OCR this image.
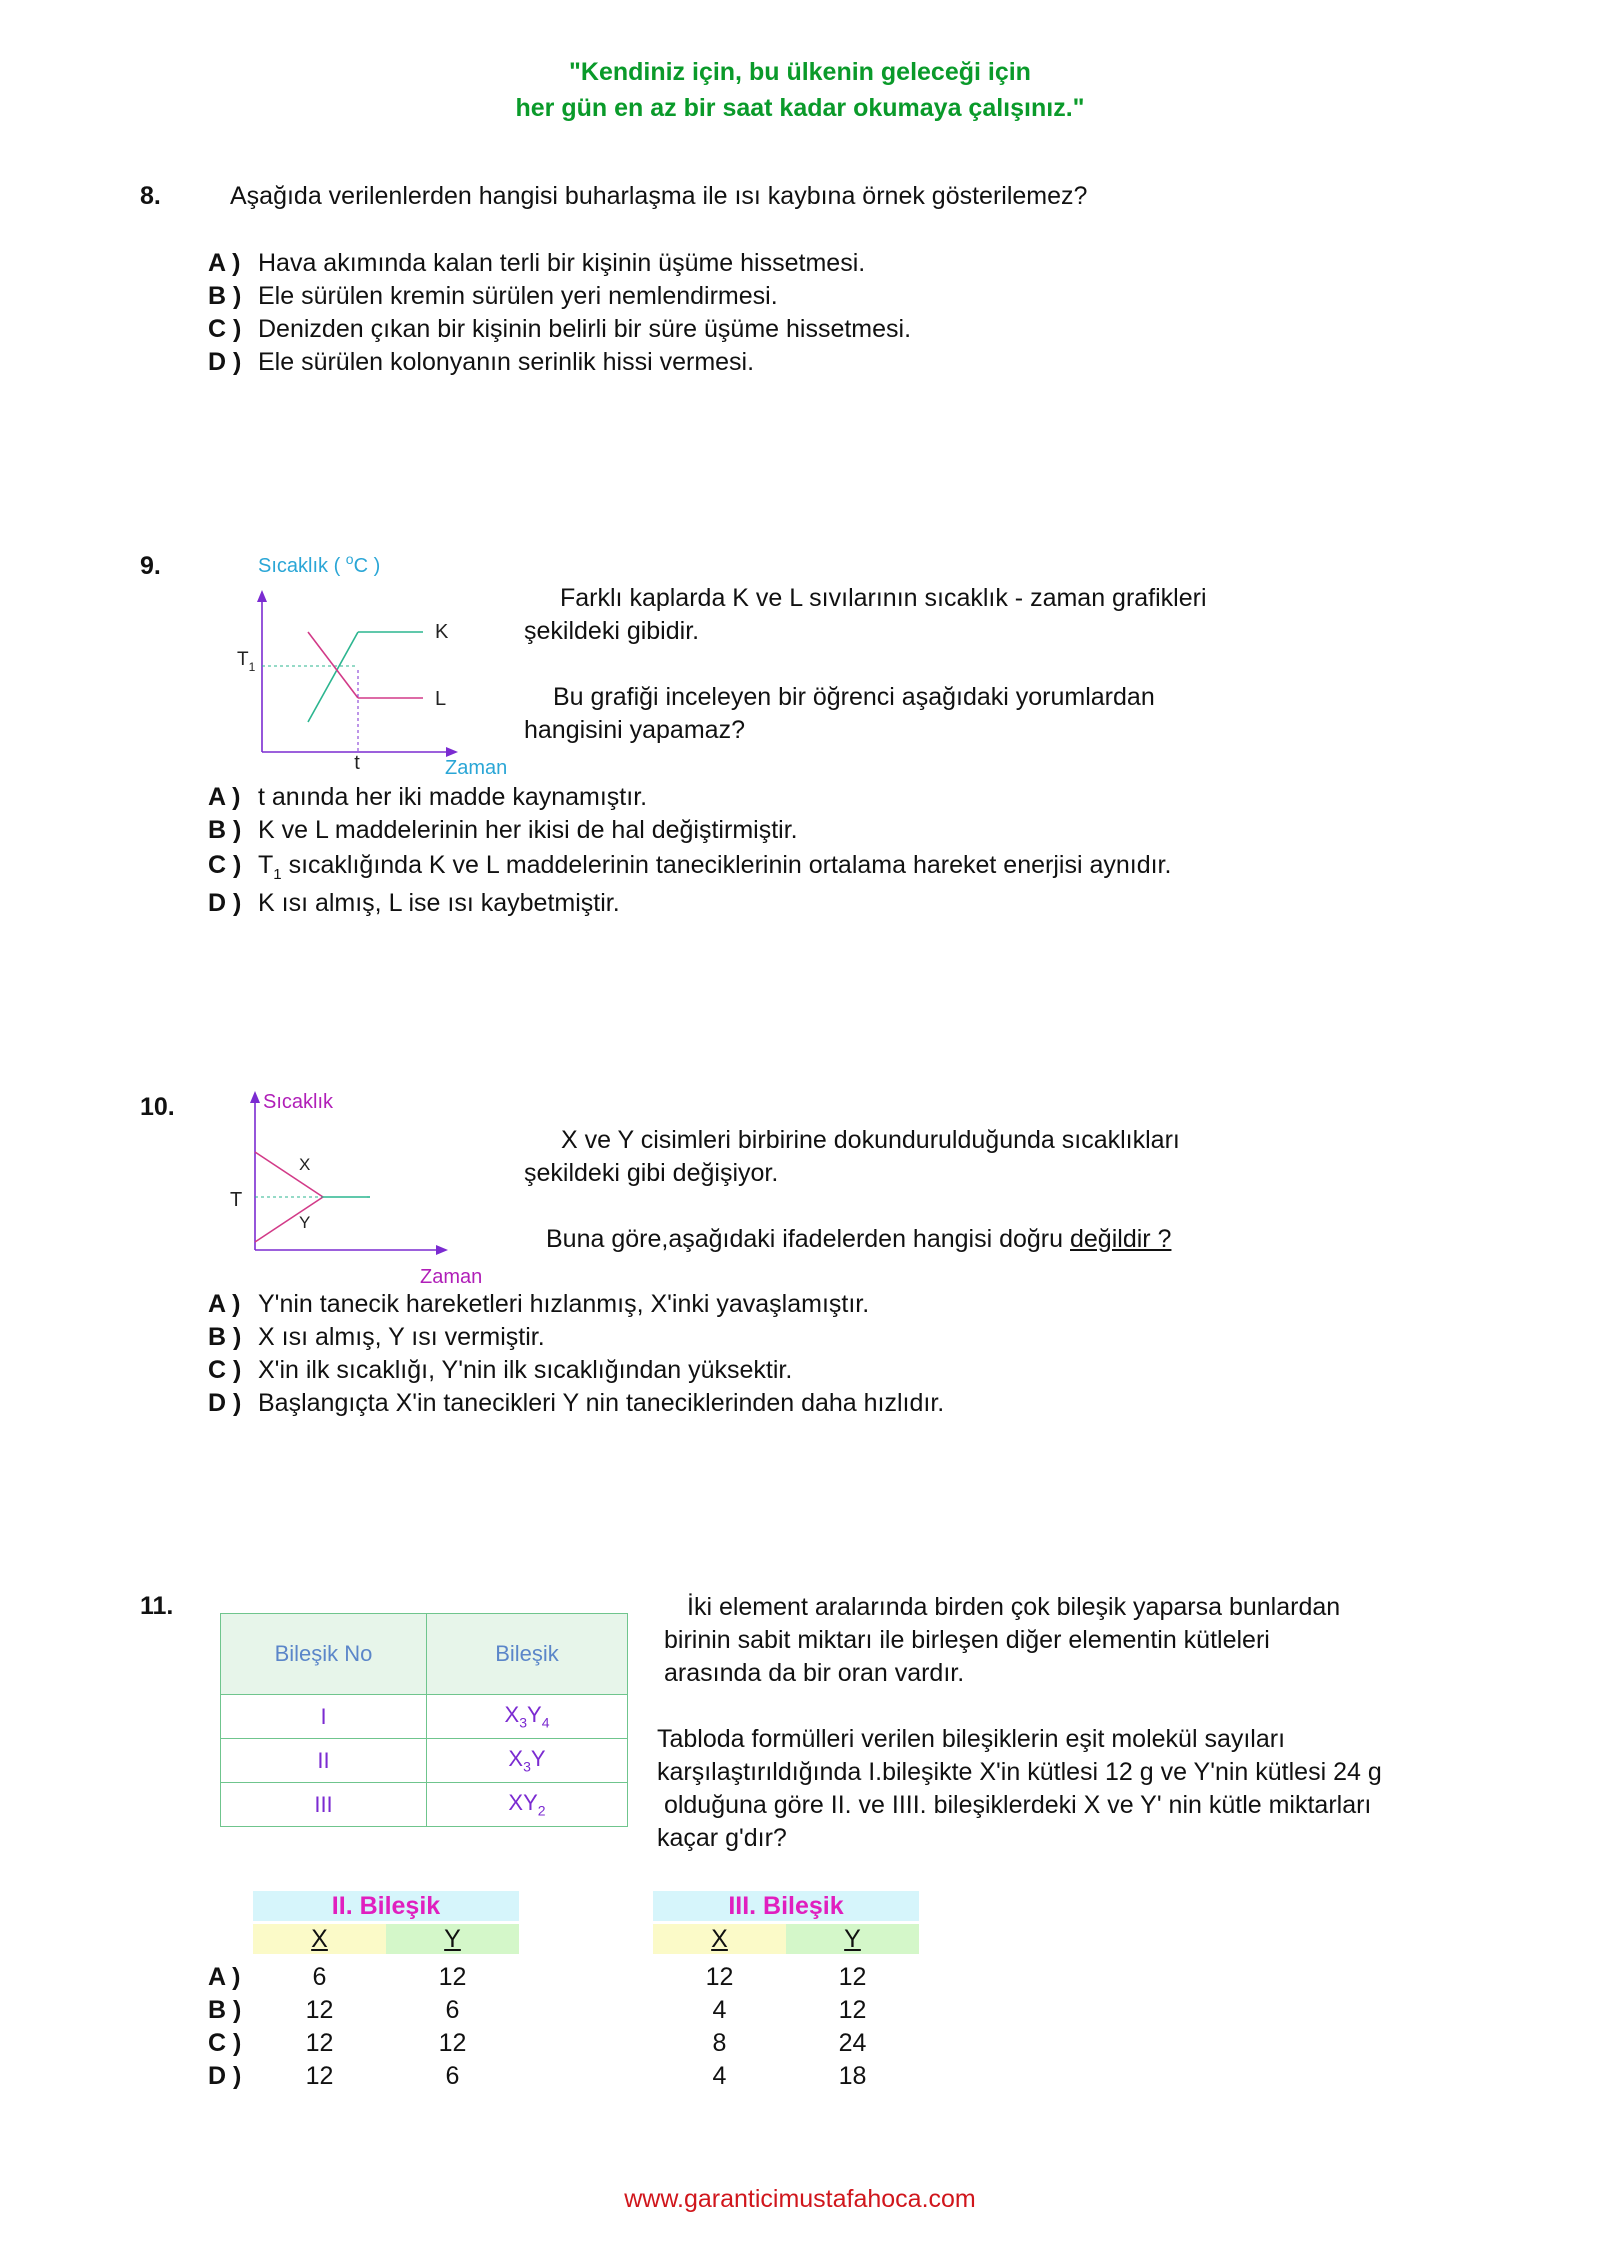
"Kendiniz için, bu ülkenin geleceği için
her gün en az bir saat kadar okumaya çalışınız."
8.	Aşağıda verilenlerden hangisi buharlaşma ile ısı kaybına örnek gösterilemez?
A ) Hava akımında kalan terli bir kişinin üşüme hissetmesi.
B ) Ele sürülen kremin sürülen yeri nemlendirmesi.
C ) Denizden çıkan bir kişinin belirli bir süre üşüme hissetmesi.
D ) Ele sürülen kolonyanın serinlik hissi vermesi.
9.	Sıcaklık ( $^o$C )
K
L
$T_1$
t	Zaman
Farklı kaplarda K ve L sıvılarının sıcaklık - zaman grafikleri
şekildeki gibidir.
Bu grafiği inceleyen bir öğrenci aşağıdaki yorumlardan
hangisini yapamaz?
A ) t anında her iki madde kaynamıştır.
B ) K ve L maddelerinin her ikisi de hal değiştirmiştir.
C ) $T_1$ sıcaklığında K ve L maddelerinin taneciklerinin ortalama hareket enerjisi aynıdır.
D ) K ısı almış, L ise ısı kaybetmiştir.
10.	Sıcaklık
X
Y
T
Zaman
X ve Y cisimleri birbirine dokundurulduğunda sıcaklıkları
şekildeki gibi değişiyor.
Buna göre,aşağıdaki ifadelerden hangisi doğru değildir ?
A ) Y'nin tanecik hareketleri hızlanmış, X'inki yavaşlamıştır.
B ) X ısı almış, Y ısı vermiştir.
C ) X'in ilk sıcaklığı, Y'nin ilk sıcaklığından yüksektir.
D ) Başlangıçta X'in tanecikleri Y nin taneciklerinden daha hızlıdır.
11.
Bileşik No	Bileşik
I	$X_3Y_4$
II	$X_3Y$
III	$XY_2$
İki element aralarında birden çok bileşik yaparsa bunlardan
birinin sabit miktarı ile birleşen diğer elementin kütleleri
arasında da bir oran vardır.
Tabloda formülleri verilen bileşiklerin eşit molekül sayıları
karşılaştırıldığında I.bileşikte X'in kütlesi 12 g ve Y'nin kütlesi 24 g
olduğuna göre II. ve IIII. bileşiklerdeki X ve Y' nin kütle miktarları
kaçar g'dır?
II. Bileşik
X	Y
III. Bileşik
X	Y
A )	6	12	12	12
B )	12	6	4	12
C )	12	12	8	24
D )	12	6	4	18
www.garanticimustafahoca.com
